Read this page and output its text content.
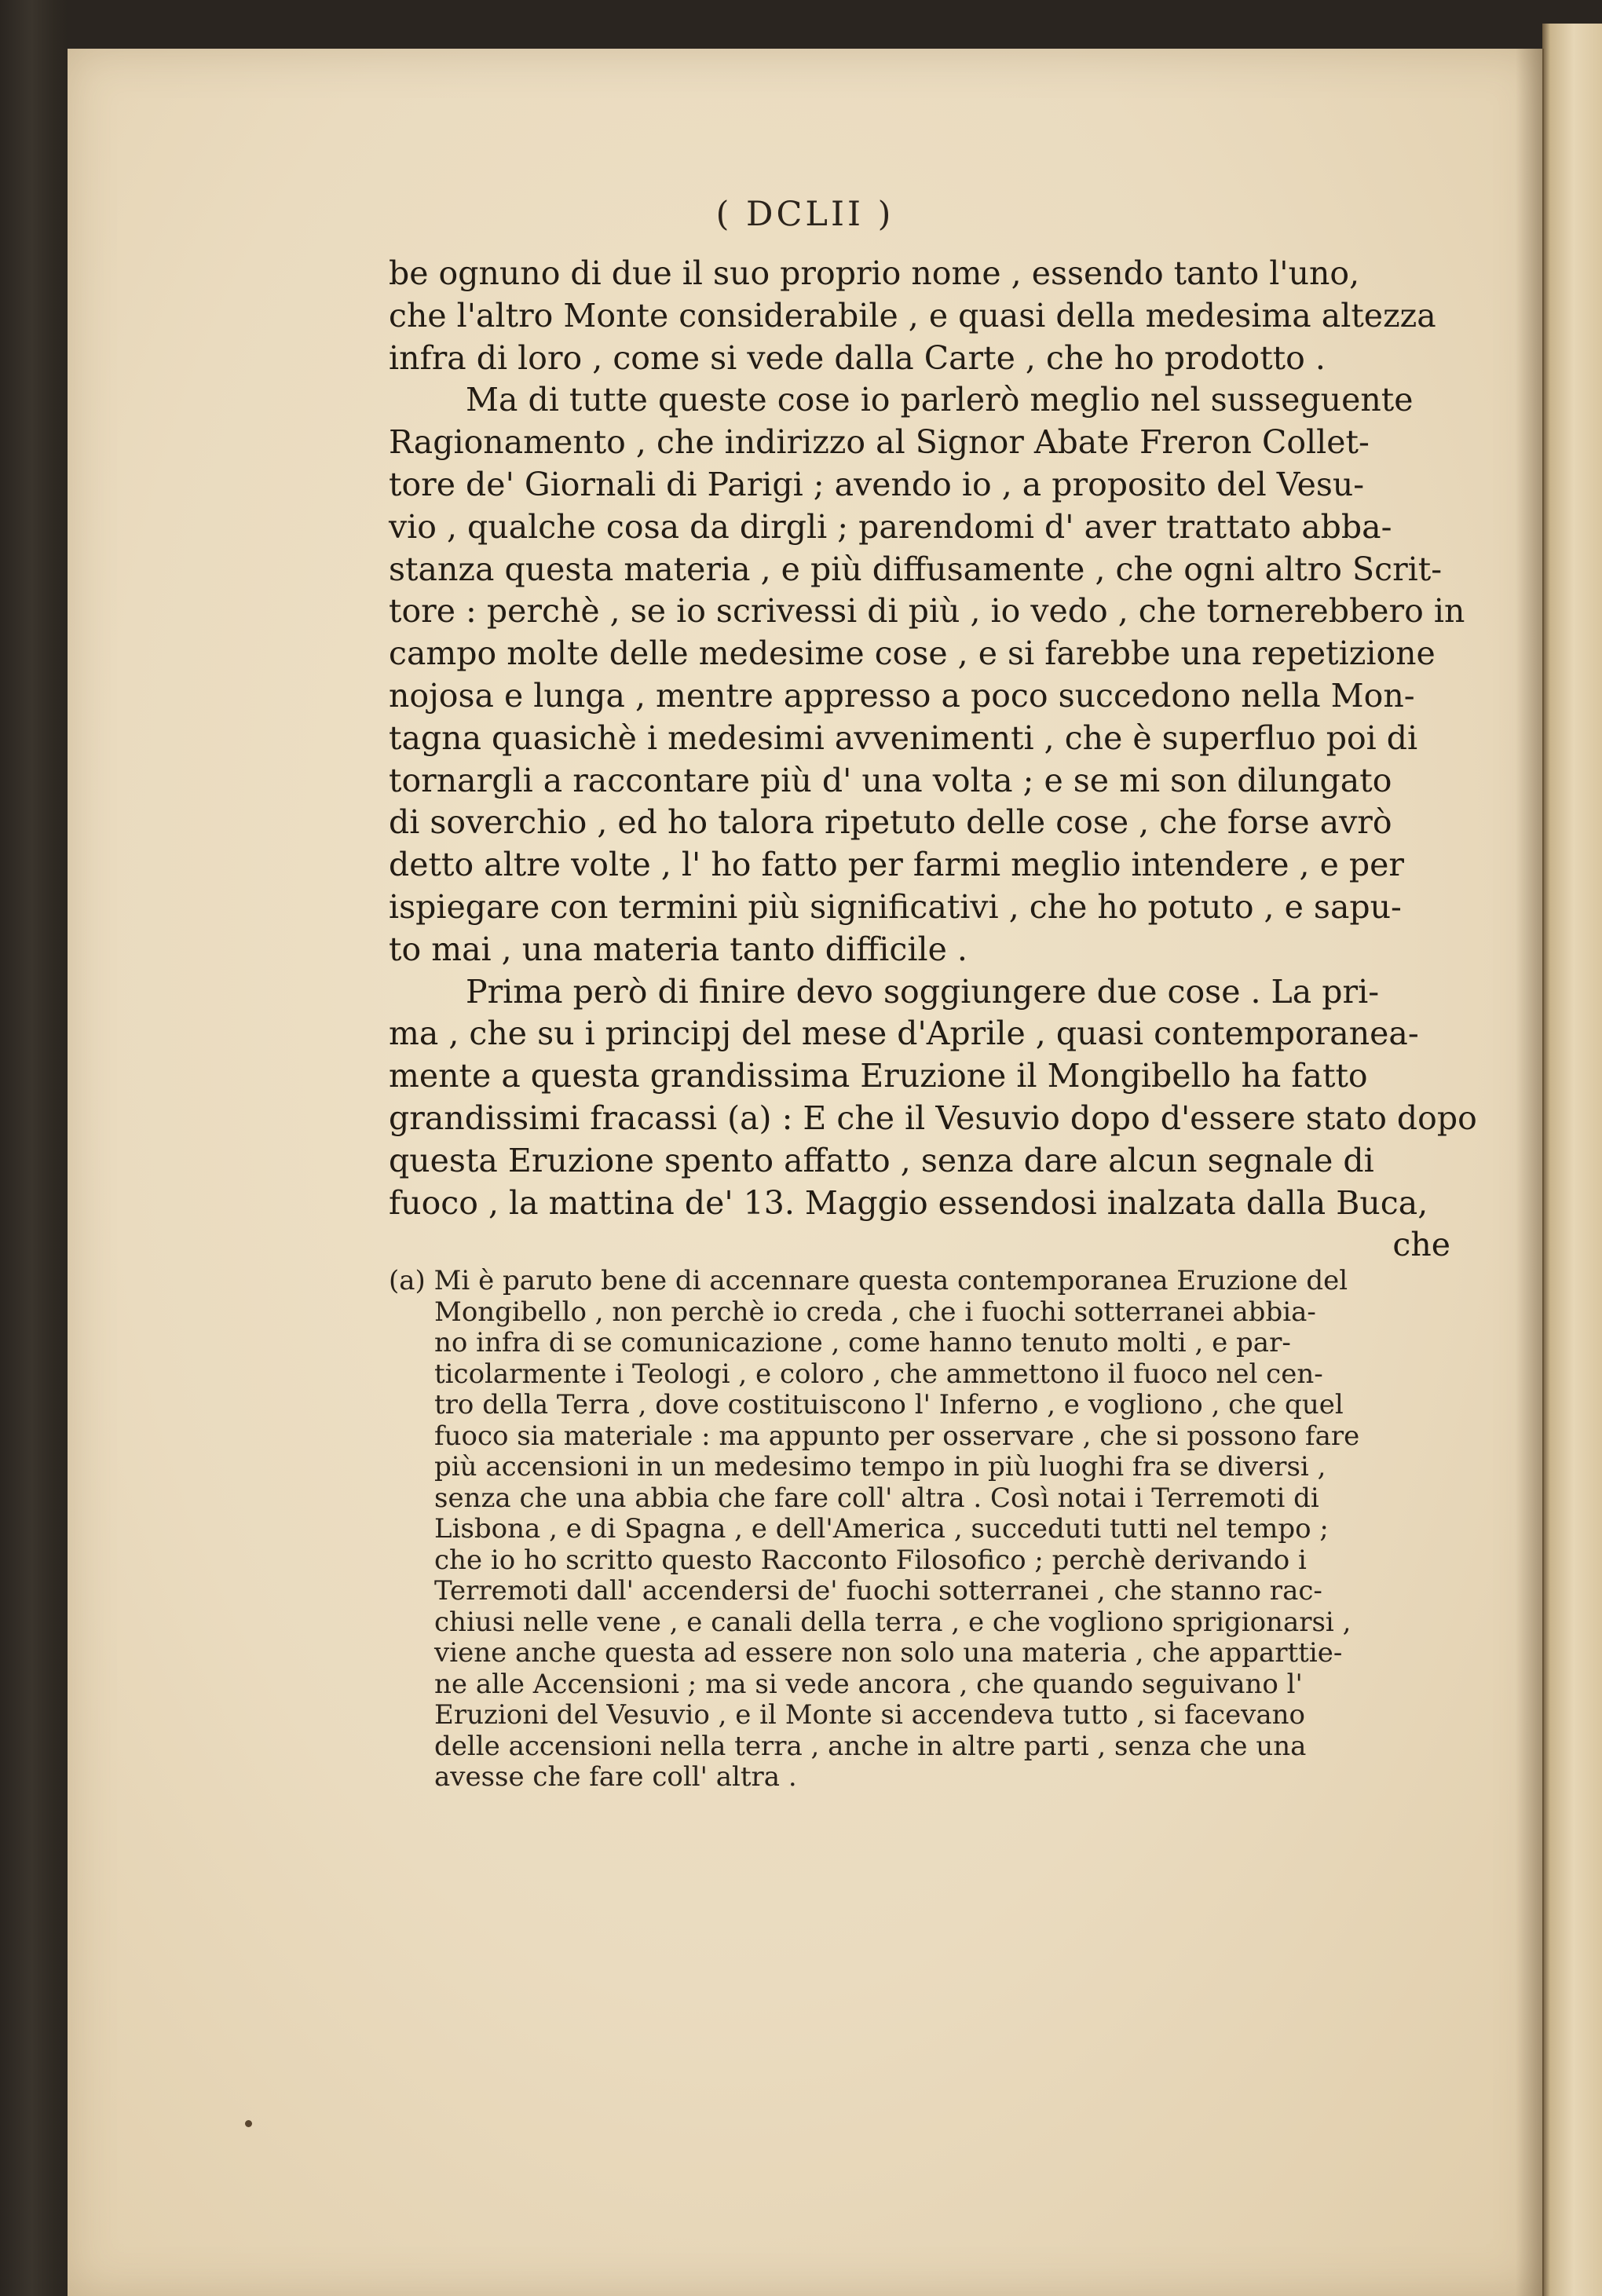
( DCLII )
be ognuno di due il suo proprio nome , essendo tanto l'uno,
che l'altro Monte considerabile , e quasi della medesima altezza
infra di loro , come si vede dalla Carte , che ho prodotto .
Ma di tutte queste cose io parlerò meglio nel susseguente
Ragionamento , che indirizzo al Signor Abate Freron Collet-
tore de' Giornali di Parigi ; avendo io , a proposito del Vesu-
vio , qualche cosa da dirgli ; parendomi d' aver trattato abba-
stanza questa materia , e più diffusamente , che ogni altro Scrit-
tore : perchè , se io scrivessi di più , io vedo , che tornerebbero in
campo molte delle medesime cose , e si farebbe una repetizione
nojosa e lunga , mentre appresso a poco succedono nella Mon-
tagna quasichè i medesimi avvenimenti , che è superfluo poi di
tornargli a raccontare più d' una volta ; e se mi son dilungato
di soverchio , ed ho talora ripetuto delle cose , che forse avrò
detto altre volte , l' ho fatto per farmi meglio intendere , e per
ispiegare con termini più significativi , che ho potuto , e sapu-
to mai , una materia tanto difficile .
Prima però di finire devo soggiungere due cose . La pri-
ma , che su i principj del mese d'Aprile , quasi contemporanea-
mente a questa grandissima Eruzione il Mongibello ha fatto
grandissimi fracassi (a) : E che il Vesuvio dopo d'essere stato dopo
questa Eruzione spento affatto , senza dare alcun segnale di
fuoco , la mattina de' 13. Maggio essendosi inalzata dalla Buca,
che
(a) Mi è paruto bene di accennare questa contemporanea Eruzione del
Mongibello , non perchè io creda , che i fuochi sotterranei abbia-
no infra di se comunicazione , come hanno tenuto molti , e par-
ticolarmente i Teologi , e coloro , che ammettono il fuoco nel cen-
tro della Terra , dove costituiscono l' Inferno , e vogliono , che quel
fuoco sia materiale : ma appunto per osservare , che si possono fare
più accensioni in un medesimo tempo in più luoghi fra se diversi ,
senza che una abbia che fare coll' altra . Così notai i Terremoti di
Lisbona , e di Spagna , e dell'America , succeduti tutti nel tempo ;
che io ho scritto questo Racconto Filosofico ; perchè derivando i
Terremoti dall' accendersi de' fuochi sotterranei , che stanno rac-
chiusi nelle vene , e canali della terra , e che vogliono sprigionarsi ,
viene anche questa ad essere non solo una materia , che apparttie-
ne alle Accensioni ; ma si vede ancora , che quando seguivano l'
Eruzioni del Vesuvio , e il Monte si accendeva tutto , si facevano
delle accensioni nella terra , anche in altre parti , senza che una
avesse che fare coll' altra .
